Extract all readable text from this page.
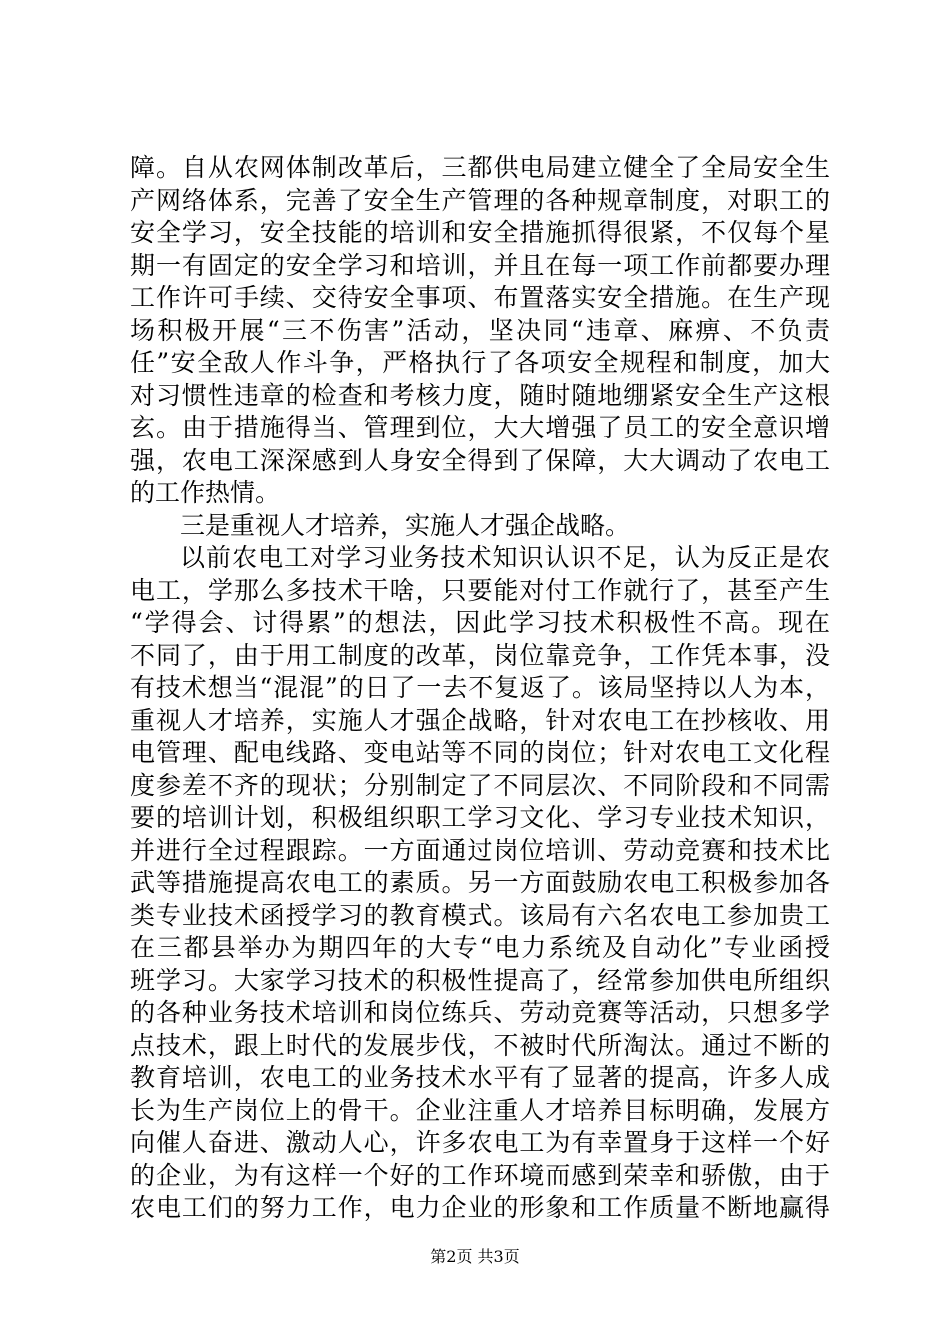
障。自从农网体制改革后，三都供电局建立健全了全局安全生
产网络体系，完善了安全生产管理的各种规章制度，对职工的
安全学习，安全技能的培训和安全措施抓得很紧，不仅每个星
期一有固定的安全学习和培训，并且在每一项工作前都要办理
工作许可手续、交待安全事项、布置落实安全措施。在生产现
场积极开展“三不伤害”活动，坚决同“违章、麻痹、不负责
任”安全敌人作斗争，严格执行了各项安全规程和制度，加大
对习惯性违章的检查和考核力度，随时随地绷紧安全生产这根
玄。由于措施得当、管理到位，大大增强了员工的安全意识增
强，农电工深深感到人身安全得到了保障，大大调动了农电工
的工作热情。
三是重视人才培养，实施人才强企战略。
以前农电工对学习业务技术知识认识不足，认为反正是农
电工，学那么多技术干啥，只要能对付工作就行了，甚至产生
“学得会、讨得累”的想法，因此学习技术积极性不高。现在
不同了，由于用工制度的改革，岗位靠竞争，工作凭本事，没
有技术想当“混混”的日了一去不复返了。该局坚持以人为本，
重视人才培养，实施人才强企战略，针对农电工在抄核收、用
电管理、配电线路、变电站等不同的岗位；针对农电工文化程
度参差不齐的现状；分别制定了不同层次、不同阶段和不同需
要的培训计划，积极组织职工学习文化、学习专业技术知识，
并进行全过程跟踪。一方面通过岗位培训、劳动竞赛和技术比
武等措施提高农电工的素质。另一方面鼓励农电工积极参加各
类专业技术函授学习的教育模式。该局有六名农电工参加贵工
在三都县举办为期四年的大专“电力系统及自动化”专业函授
班学习。大家学习技术的积极性提高了，经常参加供电所组织
的各种业务技术培训和岗位练兵、劳动竞赛等活动，只想多学
点技术，跟上时代的发展步伐，不被时代所淘汰。通过不断的
教育培训，农电工的业务技术水平有了显著的提高，许多人成
长为生产岗位上的骨干。企业注重人才培养目标明确，发展方
向催人奋进、激动人心，许多农电工为有幸置身于这样一个好
的企业，为有这样一个好的工作环境而感到荣幸和骄傲，由于
农电工们的努力工作，电力企业的形象和工作质量不断地赢得
第2页 共3页
